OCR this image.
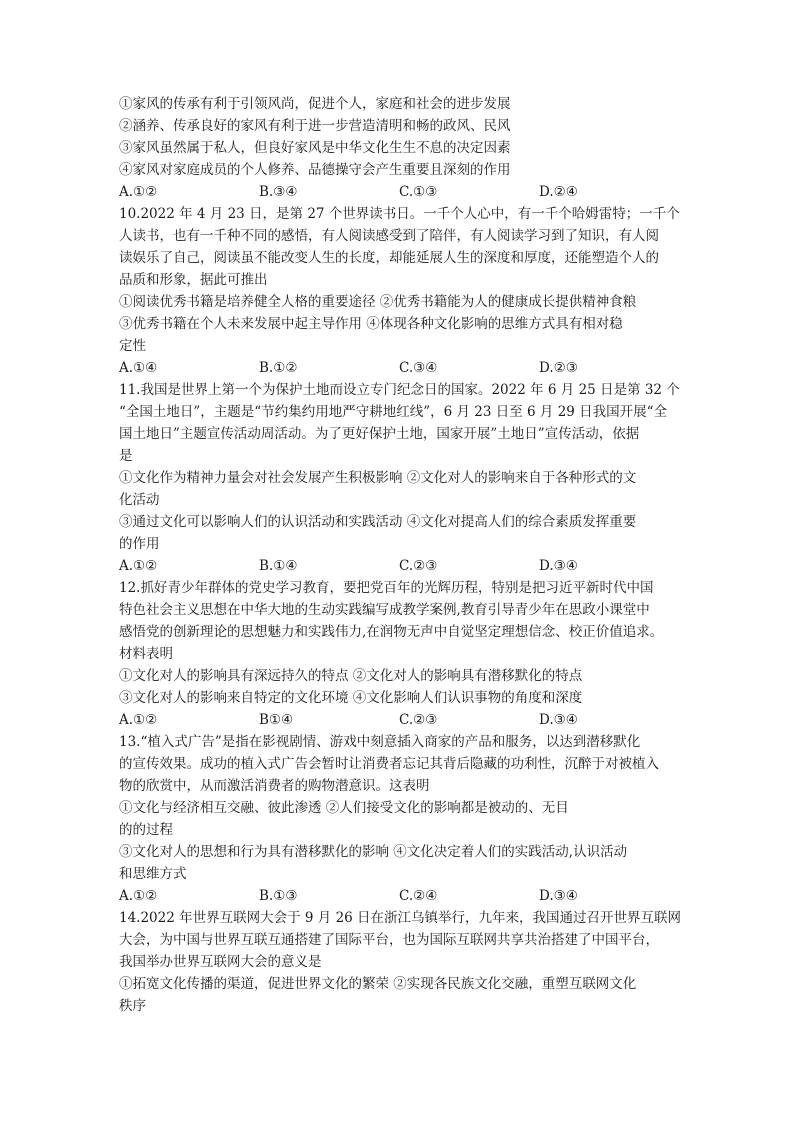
①家风的传承有利于引领风尚，促进个人，家庭和社会的进步发展
②涵养、传承良好的家风有利于进一步营造清明和畅的政风、民风
③家风虽然属于私人，但良好家风是中华文化生生不息的决定因素
④家风对家庭成员的个人修养、品德操守会产生重要且深刻的作用
A.①②	B.③④	C.①③	D.②④
10.2022 年 4 月 23 日，是第 27 个世界读书日。一千个人心中，有一千个哈姆雷特；一千个
人读书，也有一千种不同的感悟，有人阅读感受到了陪伴，有人阅读学习到了知识，有人阅
读娱乐了自己，阅读虽不能改变人生的长度，却能延展人生的深度和厚度，还能塑造个人的
品质和形象，据此可推出
①阅读优秀书籍是培养健全人格的重要途径 ②优秀书籍能为人的健康成长提供精神食粮
③优秀书籍在个人未来发展中起主导作用 ④体现各种文化影响的思维方式具有相对稳
定性
A.①④	B.①②	C.③④	D.②③
11.我国是世界上第一个为保护土地而设立专门纪念日的国家。2022 年 6 月 25 日是第 32 个
“全国土地日”，主题是“节约集约用地严守耕地红线”，6 月 23 日至 6 月 29 日我国开展“全
国土地日”主题宣传活动周活动。为了更好保护土地，国家开展”土地日”宣传活动，依据
是
①文化作为精神力量会对社会发展产生积极影响 ②文化对人的影响来自于各种形式的文
化活动
③通过文化可以影响人们的认识活动和实践活动 ④文化对提高人们的综合素质发挥重要
的作用
A.①②	B.①④	C.②③	D.③④
12.抓好青少年群体的党史学习教育，要把党百年的光辉历程，特别是把习近平新时代中国
特色社会主义思想在中华大地的生动实践编写成教学案例,教育引导青少年在思政小课堂中
感悟党的创新理论的思想魅力和实践伟力,在润物无声中自觉坚定理想信念、校正价值追求。
材料表明
①文化对人的影响具有深远持久的特点 ②文化对人的影响具有潜移默化的特点
③文化对人的影响来自特定的文化环境 ④文化影响人们认识事物的角度和深度
A.①②	B①④	C.②③	D.③④
13.“植入式广告”是指在影视剧情、游戏中刻意插入商家的产品和服务，以达到潜移默化
的宣传效果。成功的植入式广告会暂时让消费者忘记其背后隐藏的功利性，沉醉于对被植入
物的欣赏中，从而激活消费者的购物潜意识。这表明
①文化与经济相互交融、彼此渗透 ②人们接受文化的影响都是被动的、无目
的的过程
③文化对人的思想和行为具有潜移默化的影响 ④文化决定着人们的实践活动,认识活动
和思维方式
A.①②	B.①③	C.②④	D.③④
14.2022 年世界互联网大会于 9 月 26 日在浙江乌镇举行，九年来，我国通过召开世界互联网
大会，为中国与世界互联互通搭建了国际平台，也为国际互联网共享共治搭建了中国平台，
我国举办世界互联网大会的意义是
①拓宽文化传播的渠道，促进世界文化的繁荣 ②实现各民族文化交融，重塑互联网文化
秩序
